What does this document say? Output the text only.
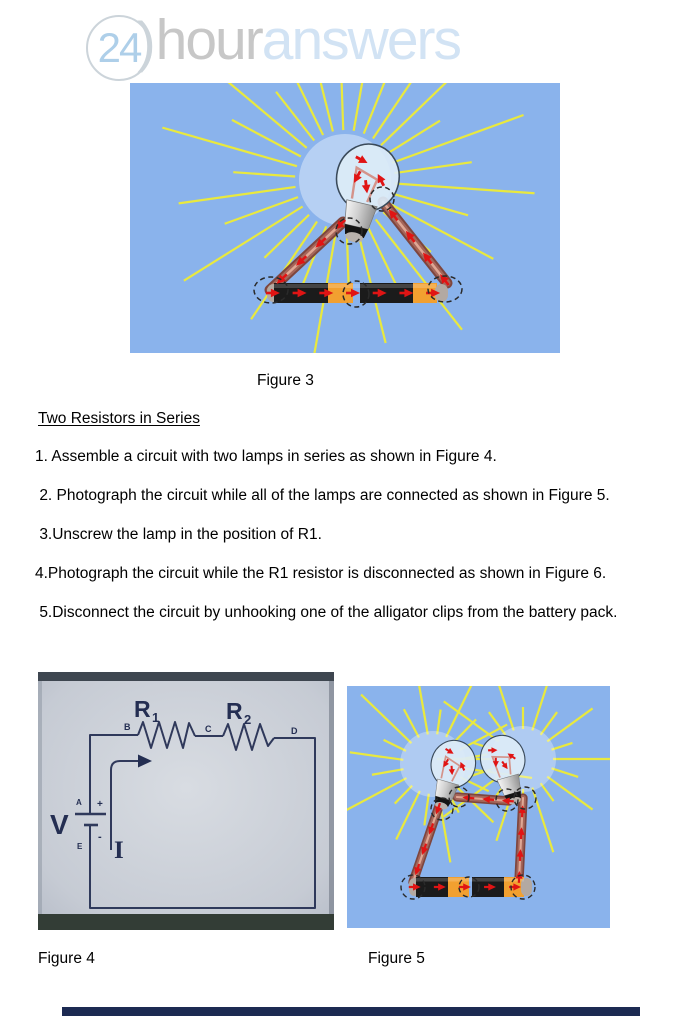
24
) hour answers
Figure 3
Two Resistors in Series
1. Assemble a circuit with two lamps in series as shown in Figure 4.
2. Photograph the circuit while all of the lamps are connected as shown in Figure 5.
3.Unscrew the lamp in the position of R1.
4.Photograph the circuit while the R1 resistor is disconnected as shown in Figure 6.
5.Disconnect the circuit by unhooking one of the alligator clips from the battery pack.
R 1	R 2
B	C	D
A +
E
-
V
I
Figure 4	Figure 5
